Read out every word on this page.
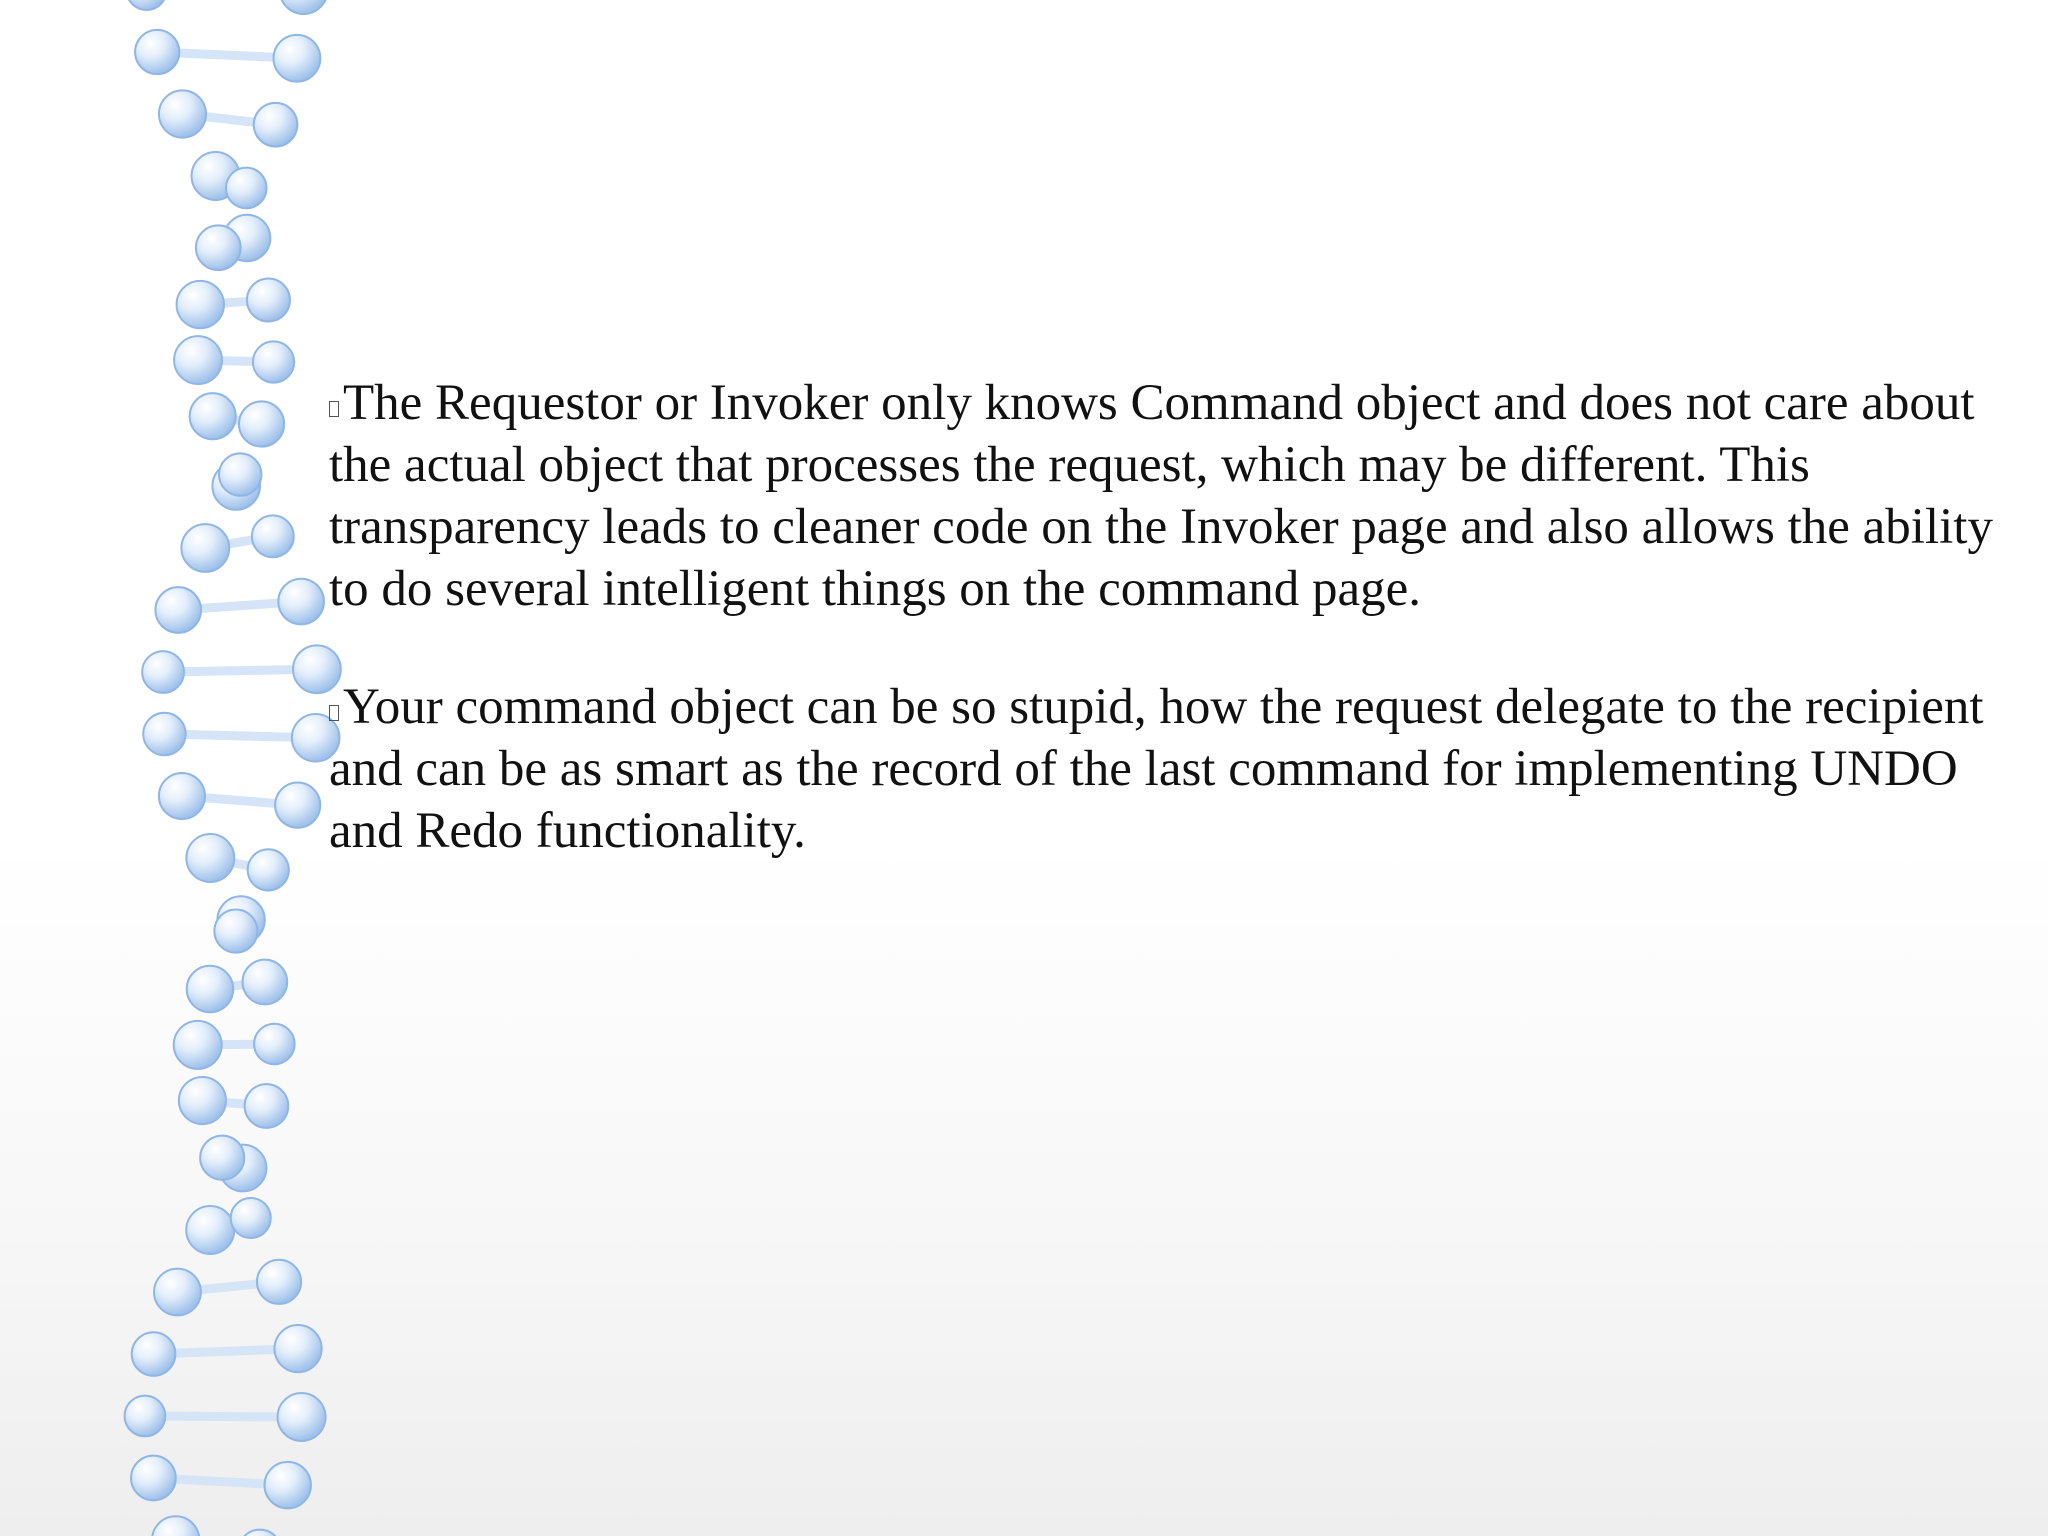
The Requestor or Invoker only knows Command object and does not care about the actual object that processes the request, which may be different. This transparency leads to cleaner code on the Invoker page and also allows the ability to do several intelligent things on the command page.

Your command object can be so stupid, how the request delegate to the recipient and can be as smart as the record of the last command for implementing UNDO and Redo functionality.
